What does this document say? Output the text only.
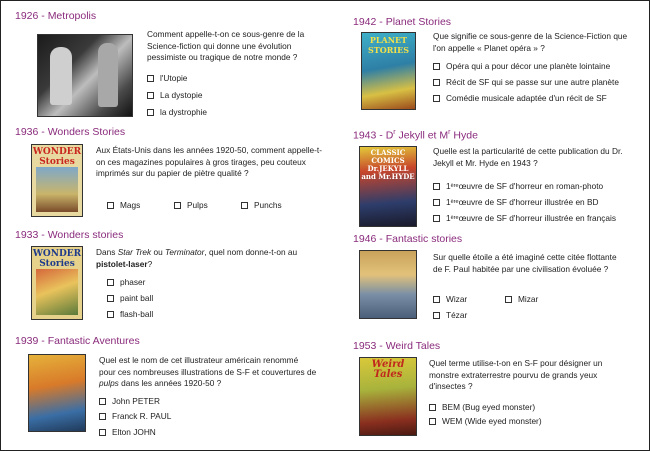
1926 - Metropolis
Comment appelle-t-on ce sous-genre de la Science-fiction qui donne une évolution pessimiste ou tragique de notre monde ?
l'Utopie
La dystopie
la dystrophie
1936 - Wonders Stories
WONDER Stories
Aux États-Unis dans les années 1920-50, comment appelle-t-on ces magazines populaires à gros tirages, peu couteux imprimés sur du papier de piètre qualité ?
Mags	Pulps	Punchs
1933 - Wonders stories
WONDER Stories
Dans Star Trek ou Terminator, quel nom donne-t-on au pistolet-laser?
phaser
paint ball
flash-ball
1939 - Fantastic Aventures
Quel est le nom de cet illustrateur américain renommé pour ces nombreuses illustrations de S-F et couvertures de pulps dans les années 1920-50 ?
John PETER
Franck R. PAUL
Elton JOHN
1942 - Planet Stories
PLANET STORIES
Que signifie ce sous-genre de la Science-Fiction que l'on appelle « Planet opéra » ?
Opéra qui a pour décor une planète lointaine
Récit de SF qui se passe sur une autre planète
Comédie musicale adaptée d'un récit de SF
$1943 - D^r$ Jekyll et $M^r$ Hyde
CLASSIC COMICS Dr.JEKYLL and Mr.HYDE
Quelle est la particularité de cette publication du Dr. Jekyll et Mr. Hyde en 1943 ?
1 ère œuvre de SF d'horreur en roman-photo
1 ère œuvre de SF d'horreur illustrée en BD
1 ère œuvre de SF d'horreur illustrée en français
1946 - Fantastic stories
Sur quelle étoile a été imaginé cette citée flottante de F. Paul habitée par une civilisation évoluée ?
Wizar	Mizar
Tézar
1953 - Weird Tales
Weird Tales
Quel terme utilise-t-on en S-F pour désigner un monstre extraterrestre pourvu de grands yeux d'insectes ?
BEM (Bug eyed monster)
WEM (Wide eyed monster)
